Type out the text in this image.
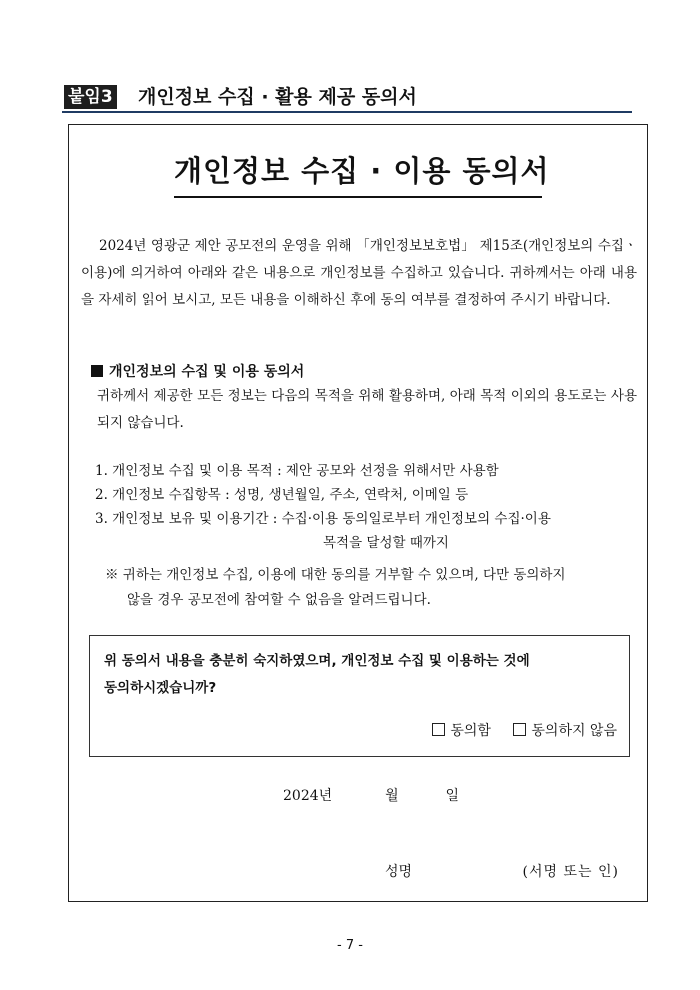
붙임3 개인정보 수집 · 활용 제공 동의서
개인정보 수집 · 이용 동의서

2024년 영광군 제안 공모전의 운영을 위해 「개인정보보호법」 제15조(개인정보의 수집ㆍ이용)에 의거하여 아래와 같은 내용으로 개인정보를 수집하고 있습니다. 귀하께서는 아래 내용을 자세히 읽어 보시고, 모든 내용을 이해하신 후에 동의 여부를 결정하여 주시기 바랍니다.

개인정보의 수집 및 이용 동의서

귀하께서 제공한 모든 정보는 다음의 목적을 위해 활용하며, 아래 목적 이외의 용도로는 사용되지 않습니다.

1. 개인정보 수집 및 이용 목적 : 제안 공모와 선정을 위해서만 사용함
2. 개인정보 수집항목 : 성명, 생년월일, 주소, 연락처, 이메일 등
3. 개인정보 보유 및 이용기간 : 수집·이용 동의일로부터 개인정보의 수집·이용
목적을 달성할 때까지
※ 귀하는 개인정보 수집, 이용에 대한 동의를 거부할 수 있으며, 다만 동의하지
않을 경우 공모전에 참여할 수 없음을 알려드립니다.

위 동의서 내용을 충분히 숙지하였으며, 개인정보 수집 및 이용하는 것에

동의하시겠습니까?

동의함	동의하지 않음
2024년	월	일
성명	(서명 또는 인)
- 7 -
